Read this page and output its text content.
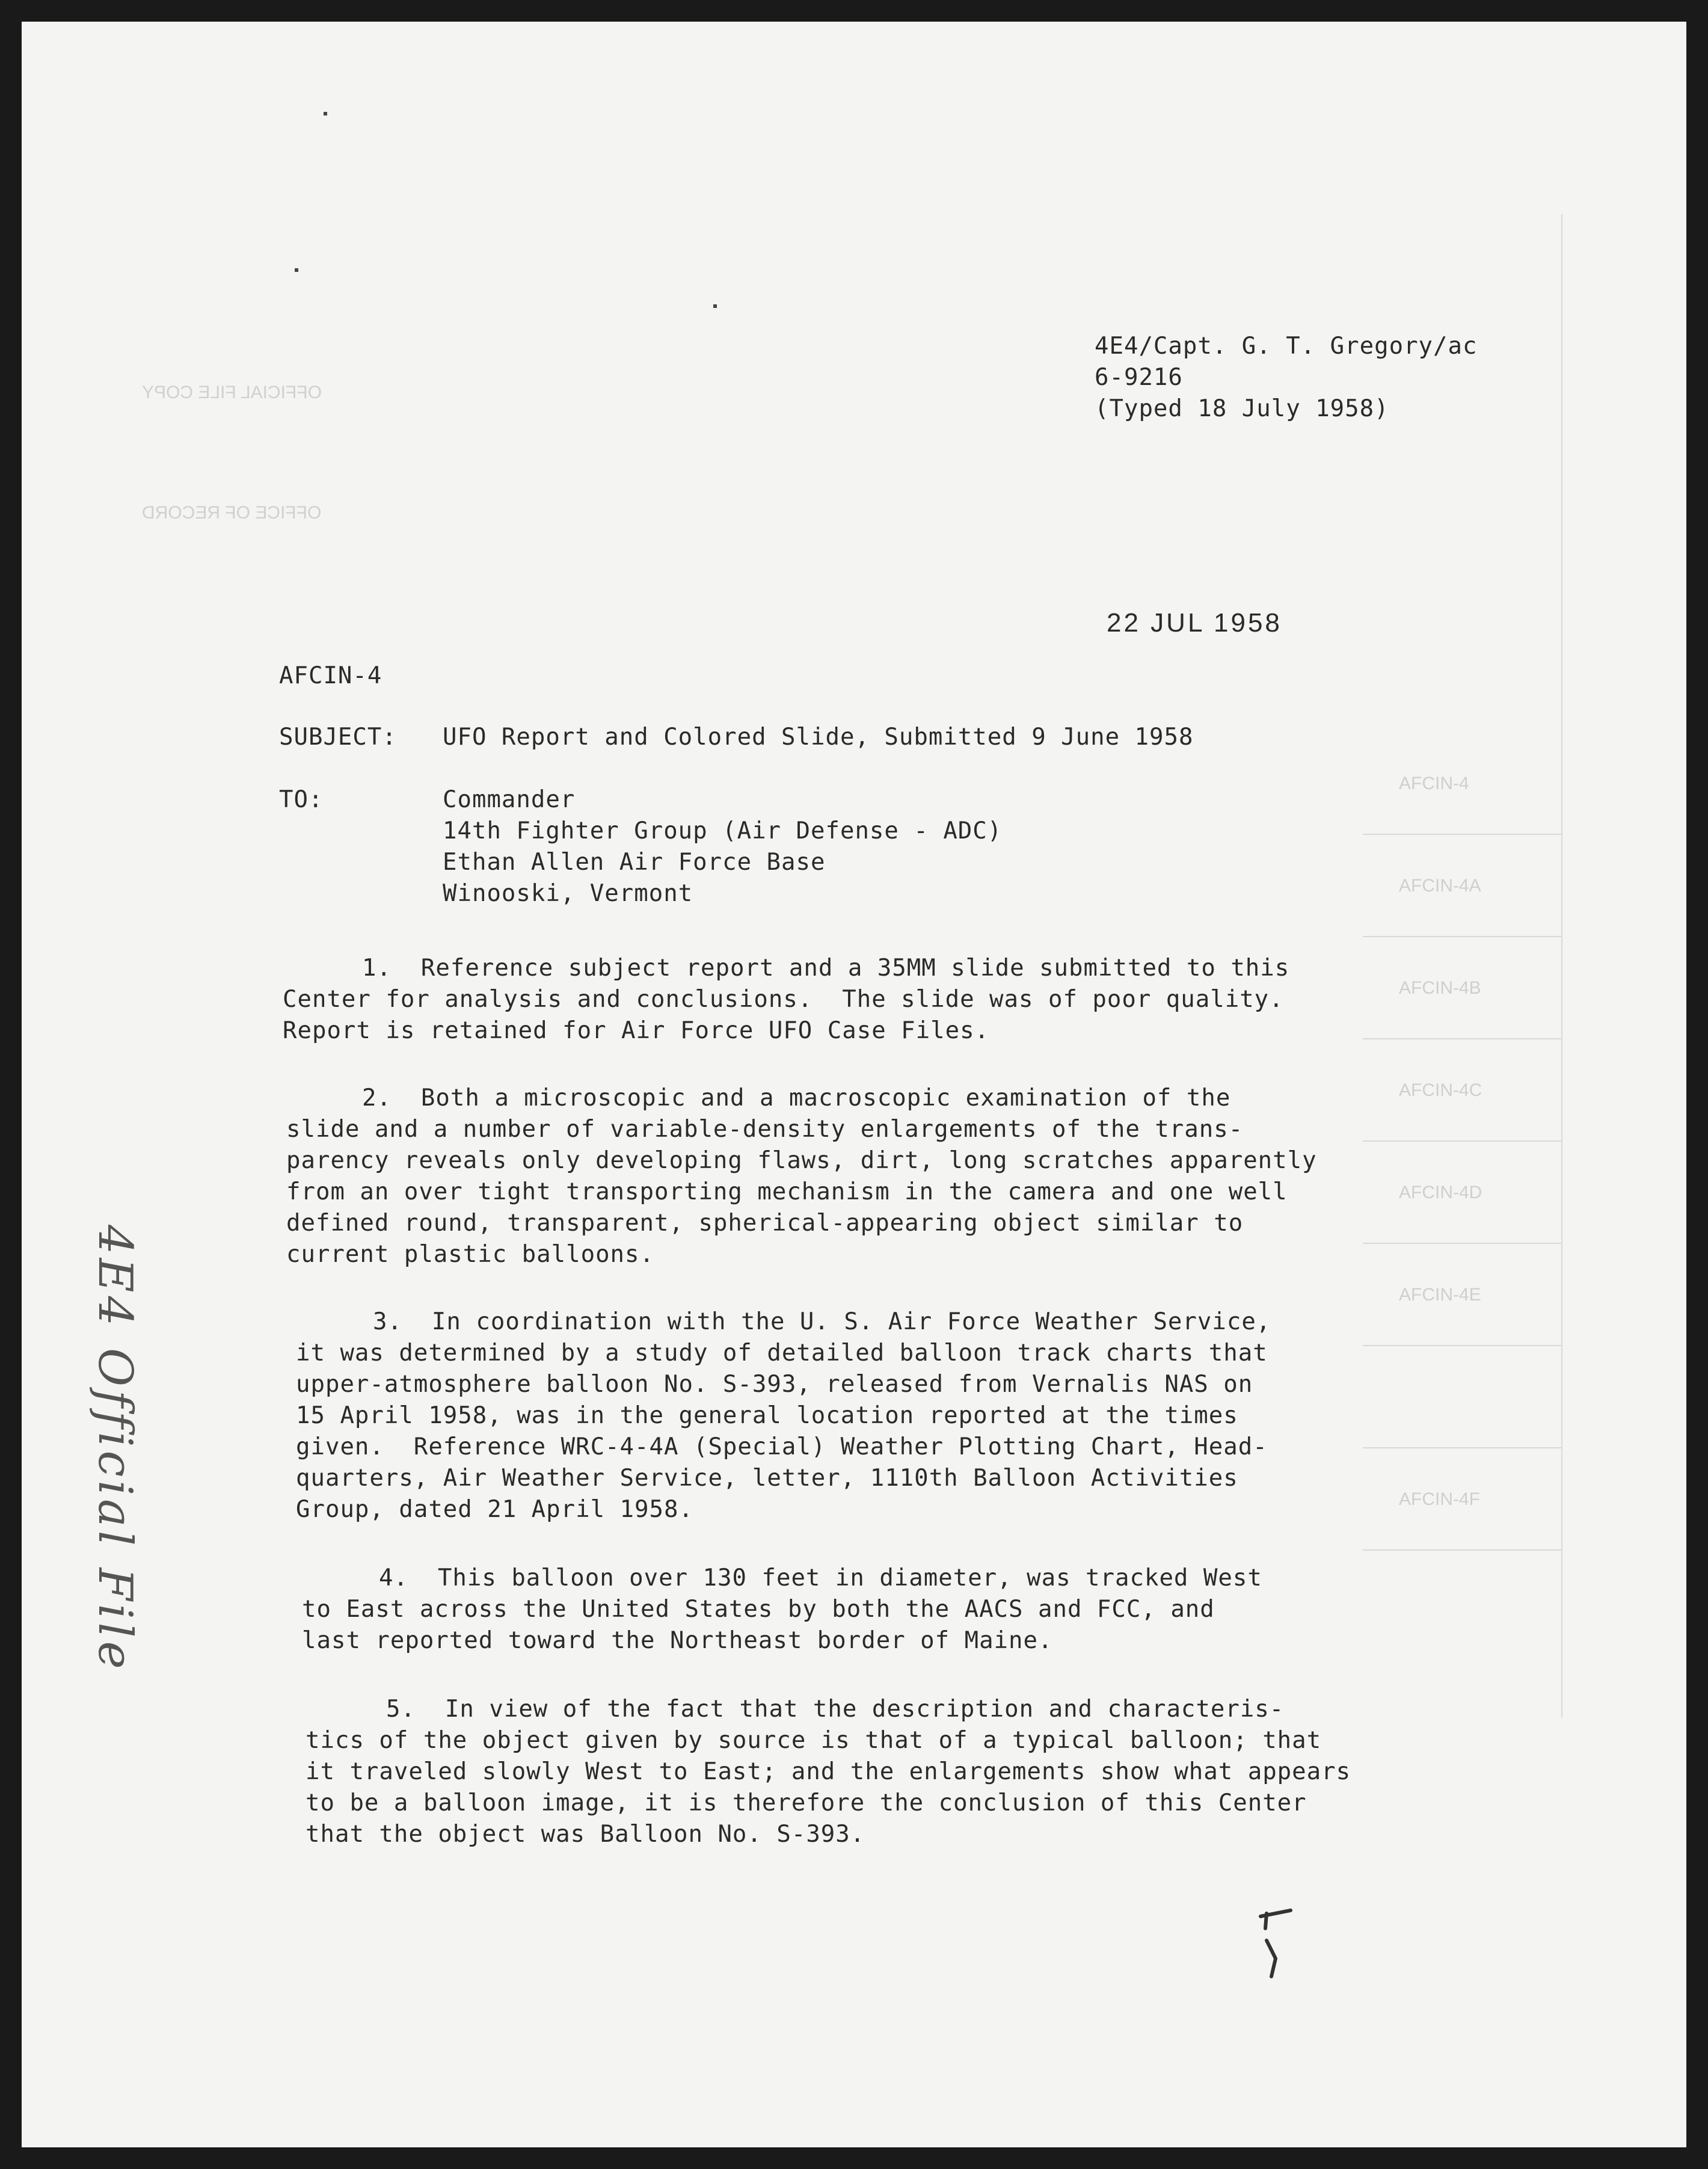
OFFICIAL FILE COPY
OFFICE OF RECORD
AFCIN-4
AFCIN-4A
AFCIN-4B
AFCIN-4C
AFCIN-4D
AFCIN-4E
AFCIN-4F
4E4/Capt. G. T. Gregory/ac
6-9216
(Typed 18 July 1958)
22 JUL 1958
AFCIN-4
SUBJECT: UFO Report and Colored Slide, Submitted 9 June 1958
TO:	Commander
14th Fighter Group (Air Defense - ADC)
Ethan Allen Air Force Base
Winooski, Vermont
1.  Reference subject report and a 35MM slide submitted to this
Center for analysis and conclusions.  The slide was of poor quality.
Report is retained for Air Force UFO Case Files.
2.  Both a microscopic and a macroscopic examination of the
slide and a number of variable-density enlargements of the trans-
parency reveals only developing flaws, dirt, long scratches apparently
from an over tight transporting mechanism in the camera and one well
defined round, transparent, spherical-appearing object similar to
current plastic balloons.
3.  In coordination with the U. S. Air Force Weather Service,
it was determined by a study of detailed balloon track charts that
upper-atmosphere balloon No. S-393, released from Vernalis NAS on
15 April 1958, was in the general location reported at the times
given.  Reference WRC-4-4A (Special) Weather Plotting Chart, Head-
quarters, Air Weather Service, letter, 1110th Balloon Activities
Group, dated 21 April 1958.
4.  This balloon over 130 feet in diameter, was tracked West
to East across the United States by both the AACS and FCC, and
last reported toward the Northeast border of Maine.
5.  In view of the fact that the description and characteris-
tics of the object given by source is that of a typical balloon; that
it traveled slowly West to East; and the enlargements show what appears
to be a balloon image, it is therefore the conclusion of this Center
that the object was Balloon No. S-393.
4E4 Official File
